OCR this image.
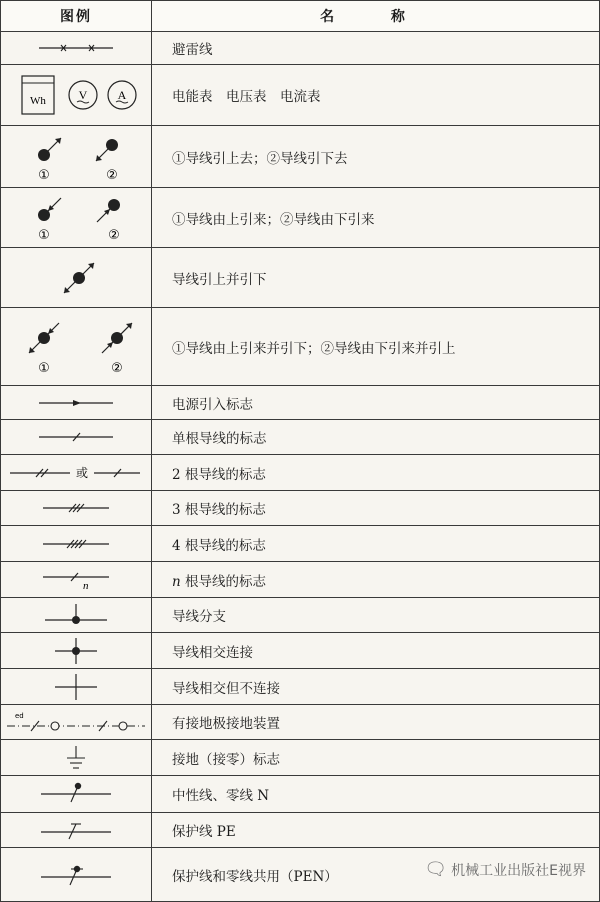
图例	名 称

	避雷线

Wh V A	电能表　电压表　电流表

① ②	①导线引上去；②导线引下去

① ②	①导线由上引来；②导线由下引来

	导线引上并引下

① ②	①导线由上引来并引下；②导线由下引来并引上

	电源引入标志

	单根导线的标志

或	2 根导线的标志

	3 根导线的标志

	4 根导线的标志

n	n 根导线的标志

	导线分支

	导线相交连接

	导线相交但不连接

ed	有接地极接地装置

	接地（接零）标志

	中性线、零线 N

	保护线 PE

	保护线和零线共用（PEN）	🗨 机械工业出版社E视界
